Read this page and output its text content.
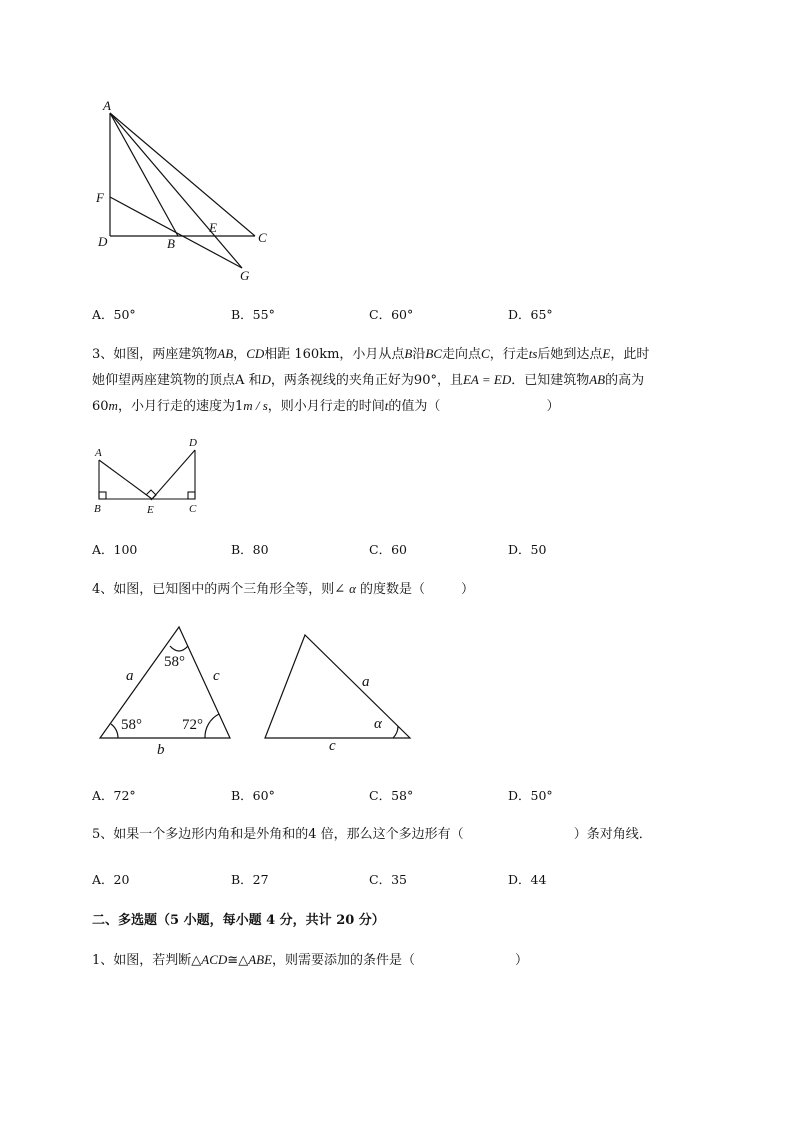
A
F
D	B
E
C
G
A．50°	B．55°	C．60°	D．65°
3、如图，两座建筑物AB，CD相距 160km，小月从点B沿BC走向点C，行走ts后她到达点E，此时
她仰望两座建筑物的顶点A 和D，两条视线的夹角正好为90°，且EA = ED．已知建筑物AB的高为
60m，小月行走的速度为1m / s，则小月行走的时间t的值为（	）
A
D
B	E	C
A．100	B．80	C．60	D．50
4、如图，已知图中的两个三角形全等，则∠ α 的度数是（	）
58°
58°	72°
a	c
b
a
α
c
A．72°	B．60°	C．58°	D．50°
5、如果一个多边形内角和是外角和的4 倍，那么这个多边形有（	）条对角线．
A．20	B．27	C．35	D．44
二、多选题（5 小题，每小题 4 分，共计 20 分）
1、如图，若判断△ACD≅△ABE，则需要添加的条件是（	）
